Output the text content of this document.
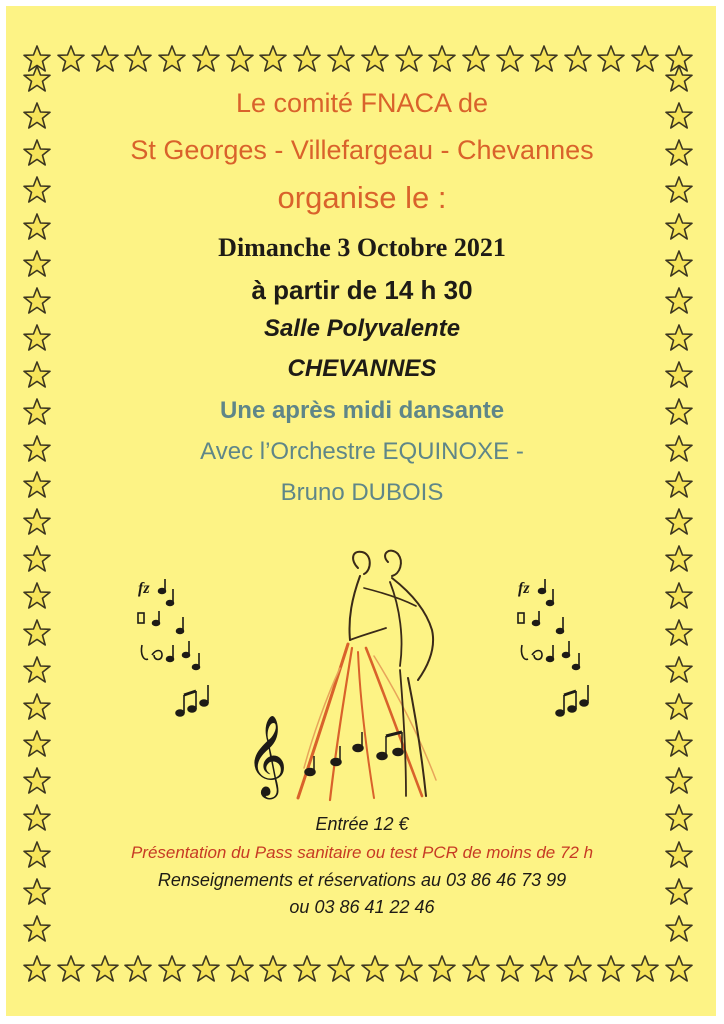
Le comité FNACA de
St Georges - Villefargeau - Chevannes
organise le :
Dimanche 3 Octobre 2021
à partir de 14 h 30
Salle Polyvalente
CHEVANNES
Une après midi dansante
Avec l’Orchestre EQUINOXE -
Bruno DUBOIS
𝄞
fz	fz
Entrée 12 €
Présentation du Pass sanitaire ou test PCR de moins de 72 h
Renseignements et réservations au 03 86 46 73 99
ou 03 86 41 22 46
